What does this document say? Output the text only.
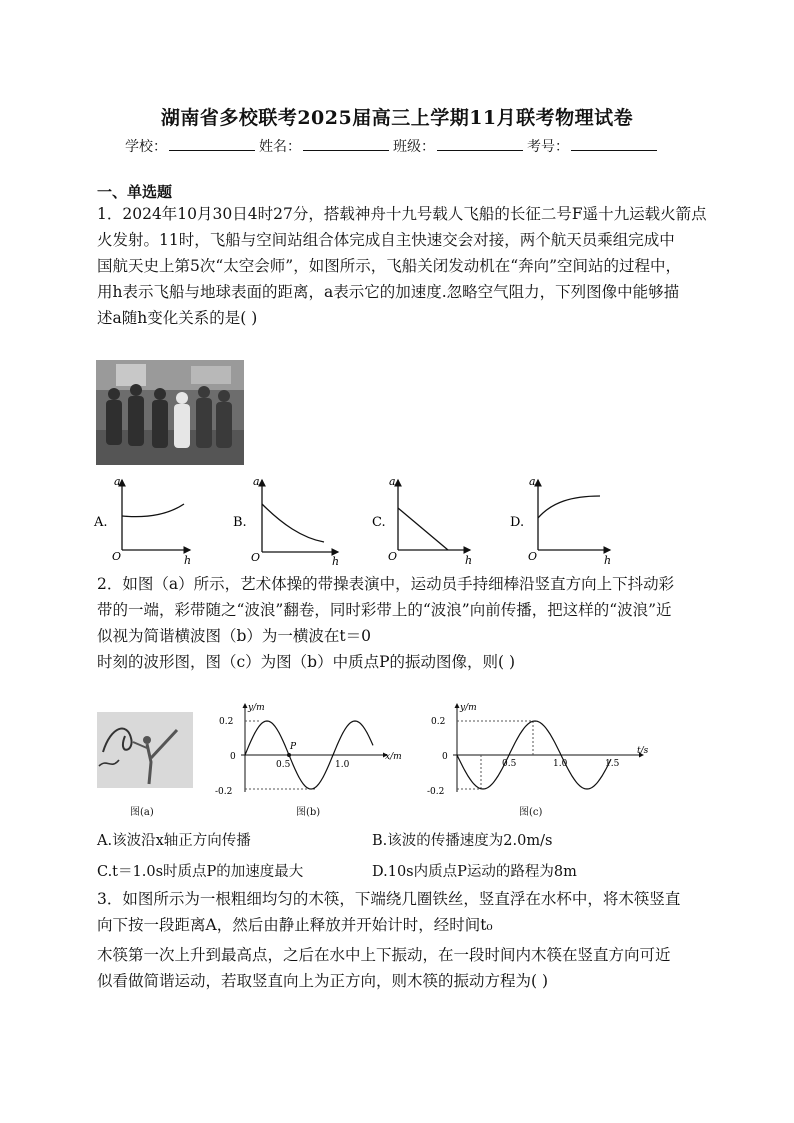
湖南省多校联考2025届高三上学期11月联考物理试卷
学校：	姓名：	班级：	考号：
一、单选题
1．2024年10月30日4时27分，搭载神舟十九号载人飞船的长征二号F遥十九运载火箭点
火发射。11时，飞船与空间站组合体完成自主快速交会对接，两个航天员乘组完成中
国航天史上第5次“太空会师”，如图所示，飞船关闭发动机在“奔向”空间站的过程中，
用h表示飞船与地球表面的距离，a表示它的加速度.忽略空气阻力，下列图像中能够描
述a随h变化关系的是( )
A.
a
h
O
B.
a
h
O
C.
a
h
O
D.
a
h
O
2．如图（a）所示，艺术体操的带操表演中，运动员手持细棒沿竖直方向上下抖动彩
带的一端，彩带随之“波浪”翻卷，同时彩带上的“波浪”向前传播，把这样的“波浪”近
似视为简谐横波图（b）为一横波在t＝0
时刻的波形图，图（c）为图（b）中质点P的振动图像，则( )
图(a)
y/m
x/m
0.2
0
-0.2
0.5	1.0
P
图(b)
y/m
t/s
0.2
0
-0.2
0.5	1.0	1.5
图(c)
A.该波沿x轴正方向传播	B.该波的传播速度为2.0m/s
C.t＝1.0s时质点P的加速度最大	D.10s内质点P运动的路程为8m
3．如图所示为一根粗细均匀的木筷，下端绕几圈铁丝，竖直浮在水杯中，将木筷竖直
向下按一段距离A，然后由静止释放并开始计时，经时间t₀
木筷第一次上升到最高点，之后在水中上下振动，在一段时间内木筷在竖直方向可近
似看做简谐运动，若取竖直向上为正方向，则木筷的振动方程为( )
